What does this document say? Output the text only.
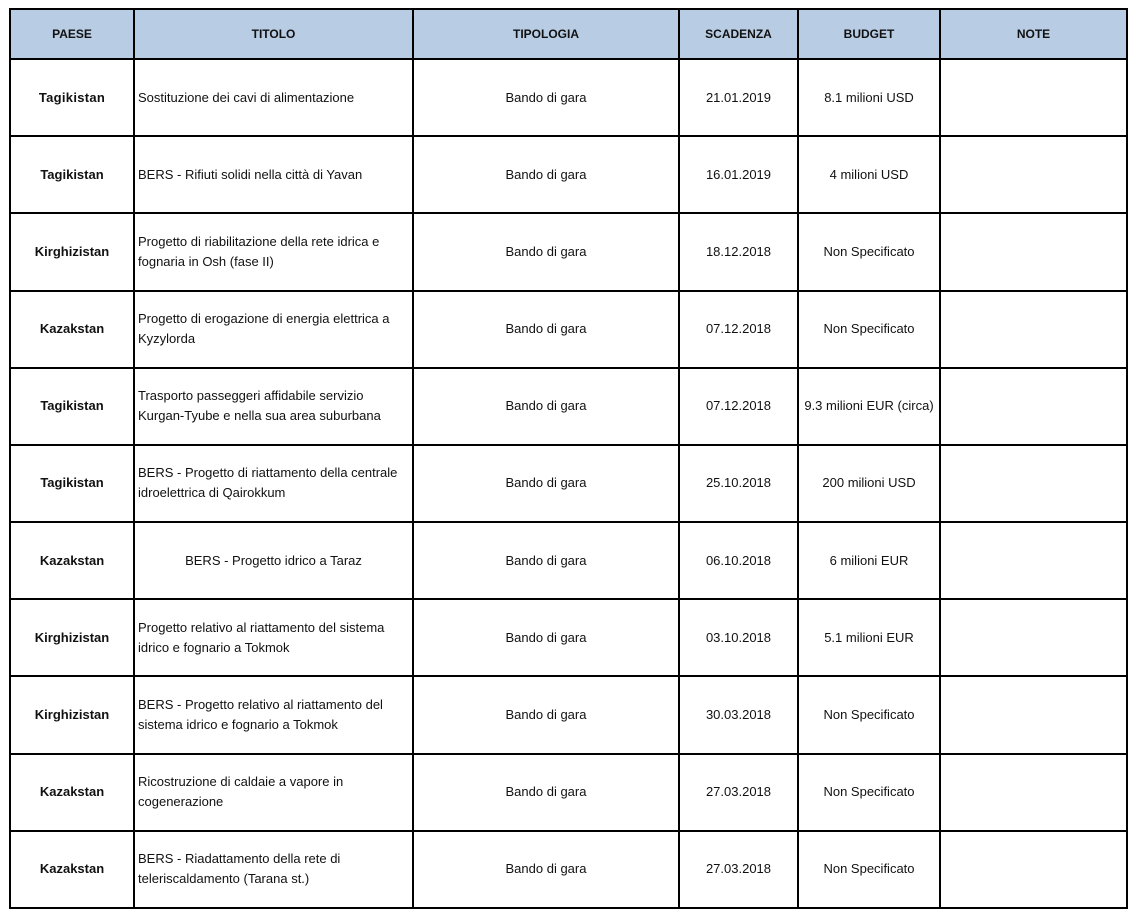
PAESE	TITOLO	TIPOLOGIA	SCADENZA	BUDGET	NOTE
Tagikistan	Sostituzione dei cavi di alimentazione	Bando di gara	21.01.2019	8.1 milioni USD	
Tagikistan	BERS - Rifiuti solidi nella città di Yavan	Bando di gara	16.01.2019	4 milioni USD	
Kirghizistan	Progetto di riabilitazione della rete idrica e fognaria in Osh (fase II)	Bando di gara	18.12.2018	Non Specificato	
Kazakstan	Progetto di erogazione di energia elettrica a Kyzylorda	Bando di gara	07.12.2018	Non Specificato	
Tagikistan	Trasporto passeggeri affidabile servizio Kurgan-Tyube e nella sua area suburbana	Bando di gara	07.12.2018	9.3 milioni EUR (circa)	
Tagikistan	BERS - Progetto di riattamento della centrale idroelettrica di Qairokkum	Bando di gara	25.10.2018	200 milioni USD	
Kazakstan	BERS - Progetto idrico a Taraz	Bando di gara	06.10.2018	6 milioni EUR	
Kirghizistan	Progetto relativo al riattamento del sistema idrico e fognario a Tokmok	Bando di gara	03.10.2018	5.1 milioni EUR	
Kirghizistan	BERS - Progetto relativo al riattamento del sistema idrico e fognario a Tokmok	Bando di gara	30.03.2018	Non Specificato	
Kazakstan	Ricostruzione di caldaie a vapore in cogenerazione	Bando di gara	27.03.2018	Non Specificato	
Kazakstan	BERS - Riadattamento della rete di teleriscaldamento (Tarana st.)	Bando di gara	27.03.2018	Non Specificato	
